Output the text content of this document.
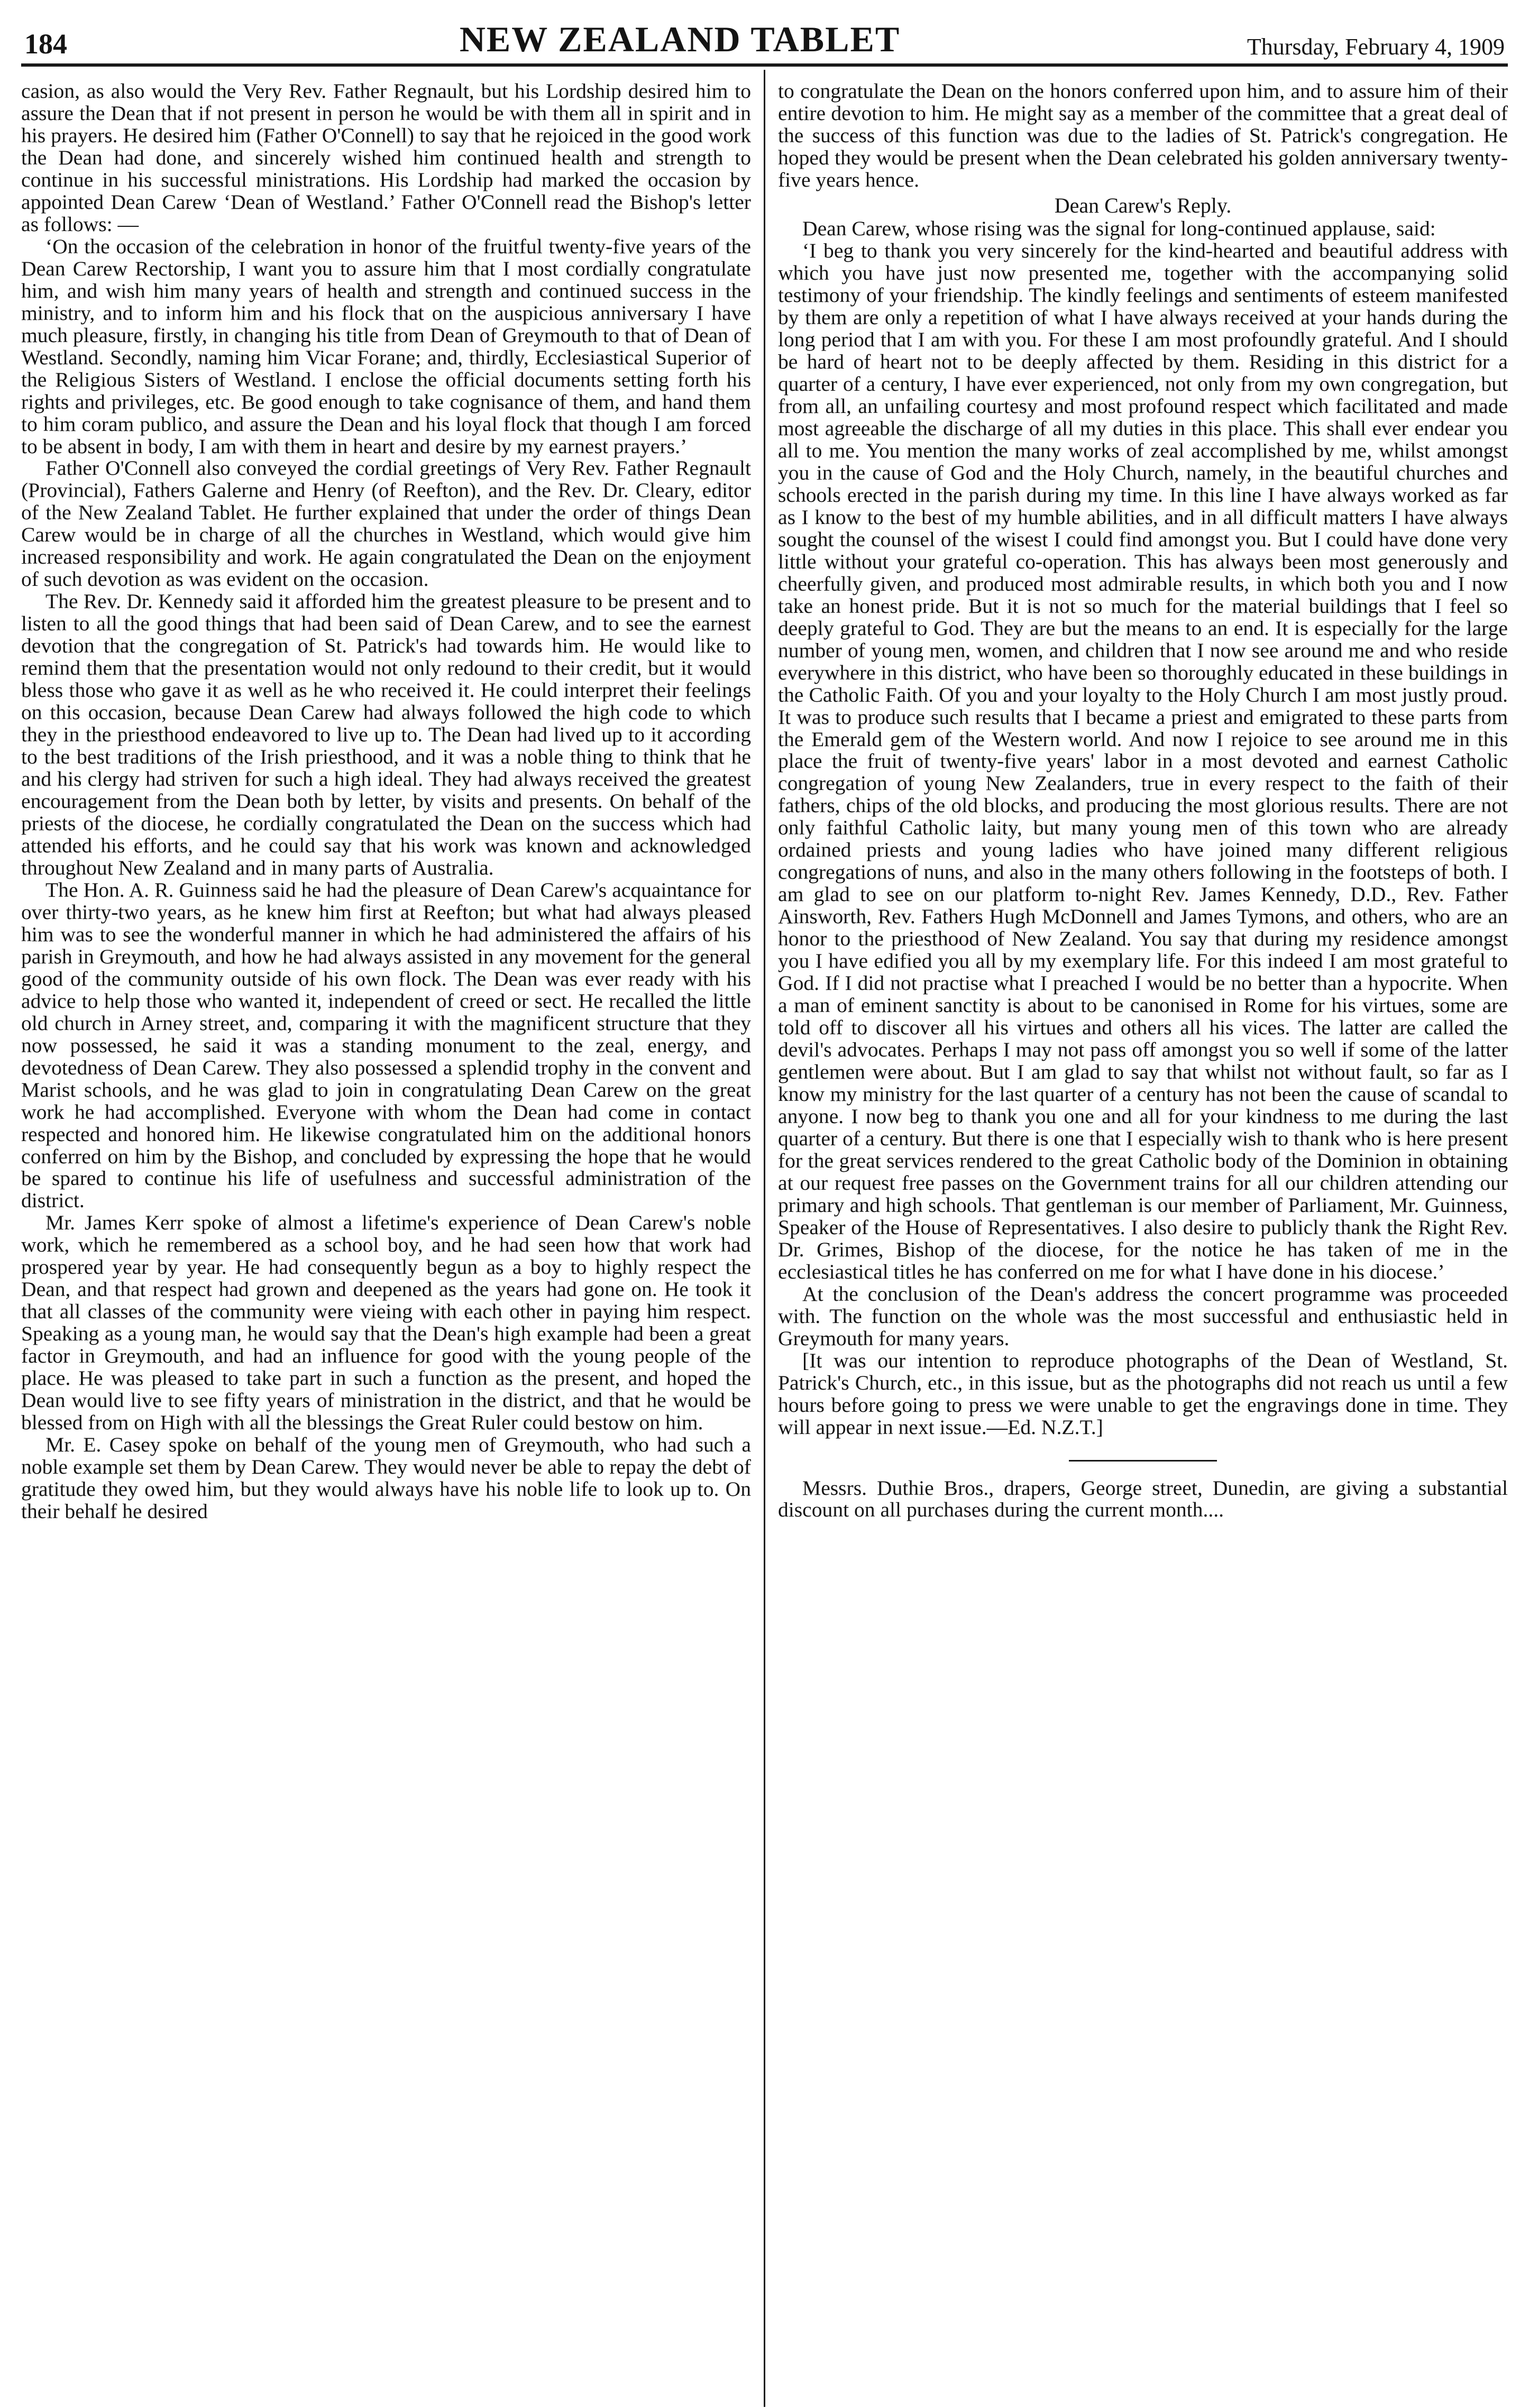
184	NEW ZEALAND TABLET	Thursday, February 4, 1909

casion, as also would the Very Rev. Father Regnault, but his Lordship desired him to assure the Dean that if not present in person he would be with them all in spirit and in his prayers. He desired him (Father O'Connell) to say that he rejoiced in the good work the Dean had done, and sincerely wished him continued health and strength to continue in his successful ministrations. His Lordship had marked the occasion by appointed Dean Carew ‘Dean of Westland.’ Father O'Connell read the Bishop's letter as follows: —

‘On the occasion of the celebration in honor of the fruitful twenty-five years of the Dean Carew Rectorship, I want you to assure him that I most cordially congratulate him, and wish him many years of health and strength and continued success in the ministry, and to inform him and his flock that on the auspicious anniversary I have much pleasure, firstly, in changing his title from Dean of Greymouth to that of Dean of Westland. Secondly, naming him Vicar Forane; and, thirdly, Ecclesiastical Superior of the Religious Sisters of Westland. I enclose the official documents setting forth his rights and privileges, etc. Be good enough to take cognisance of them, and hand them to him coram publico, and assure the Dean and his loyal flock that though I am forced to be absent in body, I am with them in heart and desire by my earnest prayers.’

Father O'Connell also conveyed the cordial greetings of Very Rev. Father Regnault (Provincial), Fathers Galerne and Henry (of Reefton), and the Rev. Dr. Cleary, editor of the New Zealand Tablet. He further explained that under the order of things Dean Carew would be in charge of all the churches in Westland, which would give him increased responsibility and work. He again congratulated the Dean on the enjoyment of such devotion as was evident on the occasion.

The Rev. Dr. Kennedy said it afforded him the greatest pleasure to be present and to listen to all the good things that had been said of Dean Carew, and to see the earnest devotion that the congregation of St. Patrick's had towards him. He would like to remind them that the presentation would not only redound to their credit, but it would bless those who gave it as well as he who received it. He could interpret their feelings on this occasion, because Dean Carew had always followed the high code to which they in the priesthood endeavored to live up to. The Dean had lived up to it according to the best traditions of the Irish priesthood, and it was a noble thing to think that he and his clergy had striven for such a high ideal. They had always received the greatest encouragement from the Dean both by letter, by visits and presents. On behalf of the priests of the diocese, he cordially congratulated the Dean on the success which had attended his efforts, and he could say that his work was known and acknowledged throughout New Zealand and in many parts of Australia.

The Hon. A. R. Guinness said he had the pleasure of Dean Carew's acquaintance for over thirty-two years, as he knew him first at Reefton; but what had always pleased him was to see the wonderful manner in which he had administered the affairs of his parish in Greymouth, and how he had always assisted in any movement for the general good of the community outside of his own flock. The Dean was ever ready with his advice to help those who wanted it, independent of creed or sect. He recalled the little old church in Arney street, and, comparing it with the magnificent structure that they now possessed, he said it was a standing monument to the zeal, energy, and devotedness of Dean Carew. They also possessed a splendid trophy in the convent and Marist schools, and he was glad to join in congratulating Dean Carew on the great work he had accomplished. Everyone with whom the Dean had come in contact respected and honored him. He likewise congratulated him on the additional honors conferred on him by the Bishop, and concluded by expressing the hope that he would be spared to continue his life of usefulness and successful administration of the district.

Mr. James Kerr spoke of almost a lifetime's experience of Dean Carew's noble work, which he remembered as a school boy, and he had seen how that work had prospered year by year. He had consequently begun as a boy to highly respect the Dean, and that respect had grown and deepened as the years had gone on. He took it that all classes of the community were vieing with each other in paying him respect. Speaking as a young man, he would say that the Dean's high example had been a great factor in Greymouth, and had an influence for good with the young people of the place. He was pleased to take part in such a function as the present, and hoped the Dean would live to see fifty years of ministration in the district, and that he would be blessed from on High with all the blessings the Great Ruler could bestow on him.

Mr. E. Casey spoke on behalf of the young men of Greymouth, who had such a noble example set them by Dean Carew. They would never be able to repay the debt of gratitude they owed him, but they would always have his noble life to look up to. On their behalf he desired

to congratulate the Dean on the honors conferred upon him, and to assure him of their entire devotion to him. He might say as a member of the committee that a great deal of the success of this function was due to the ladies of St. Patrick's congregation. He hoped they would be present when the Dean celebrated his golden anniversary twenty-five years hence.

Dean Carew's Reply.

Dean Carew, whose rising was the signal for long-continued applause, said:

‘I beg to thank you very sincerely for the kind-hearted and beautiful address with which you have just now presented me, together with the accompanying solid testimony of your friendship. The kindly feelings and sentiments of esteem manifested by them are only a repetition of what I have always received at your hands during the long period that I am with you. For these I am most profoundly grateful. And I should be hard of heart not to be deeply affected by them. Residing in this district for a quarter of a century, I have ever experienced, not only from my own congregation, but from all, an unfailing courtesy and most profound respect which facilitated and made most agreeable the discharge of all my duties in this place. This shall ever endear you all to me. You mention the many works of zeal accomplished by me, whilst amongst you in the cause of God and the Holy Church, namely, in the beautiful churches and schools erected in the parish during my time. In this line I have always worked as far as I know to the best of my humble abilities, and in all difficult matters I have always sought the counsel of the wisest I could find amongst you. But I could have done very little without your grateful co-operation. This has always been most generously and cheerfully given, and produced most admirable results, in which both you and I now take an honest pride. But it is not so much for the material buildings that I feel so deeply grateful to God. They are but the means to an end. It is especially for the large number of young men, women, and children that I now see around me and who reside everywhere in this district, who have been so thoroughly educated in these buildings in the Catholic Faith. Of you and your loyalty to the Holy Church I am most justly proud. It was to produce such results that I became a priest and emigrated to these parts from the Emerald gem of the Western world. And now I rejoice to see around me in this place the fruit of twenty-five years' labor in a most devoted and earnest Catholic congregation of young New Zealanders, true in every respect to the faith of their fathers, chips of the old blocks, and producing the most glorious results. There are not only faithful Catholic laity, but many young men of this town who are already ordained priests and young ladies who have joined many different religious congregations of nuns, and also in the many others following in the footsteps of both. I am glad to see on our platform to-night Rev. James Kennedy, D.D., Rev. Father Ainsworth, Rev. Fathers Hugh McDonnell and James Tymons, and others, who are an honor to the priesthood of New Zealand. You say that during my residence amongst you I have edified you all by my exemplary life. For this indeed I am most grateful to God. If I did not practise what I preached I would be no better than a hypocrite. When a man of eminent sanctity is about to be canonised in Rome for his virtues, some are told off to discover all his virtues and others all his vices. The latter are called the devil's advocates. Perhaps I may not pass off amongst you so well if some of the latter gentlemen were about. But I am glad to say that whilst not without fault, so far as I know my ministry for the last quarter of a century has not been the cause of scandal to anyone. I now beg to thank you one and all for your kindness to me during the last quarter of a century. But there is one that I especially wish to thank who is here present for the great services rendered to the great Catholic body of the Dominion in obtaining at our request free passes on the Government trains for all our children attending our primary and high schools. That gentleman is our member of Parliament, Mr. Guinness, Speaker of the House of Representatives. I also desire to publicly thank the Right Rev. Dr. Grimes, Bishop of the diocese, for the notice he has taken of me in the ecclesiastical titles he has conferred on me for what I have done in his diocese.’

At the conclusion of the Dean's address the concert programme was proceeded with. The function on the whole was the most successful and enthusiastic held in Greymouth for many years.

[It was our intention to reproduce photographs of the Dean of Westland, St. Patrick's Church, etc., in this issue, but as the photographs did not reach us until a few hours before going to press we were unable to get the engravings done in time. They will appear in next issue.—Ed. N.Z.T.]

Messrs. Duthie Bros., drapers, George street, Dunedin, are giving a substantial discount on all purchases during the current month....
